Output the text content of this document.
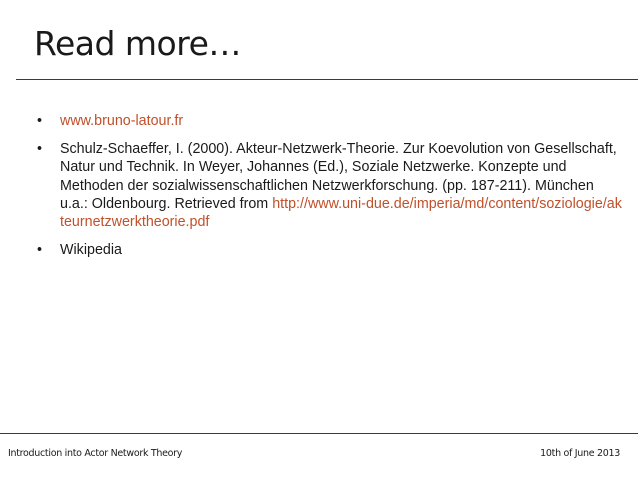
Read more…
• www.bruno-latour.fr
• Schulz-Schaeffer, I. (2000). Akteur-Netzwerk-Theorie. Zur Koevolution von Gesellschaft, Natur und Technik. In Weyer, Johannes (Ed.), Soziale Netzwerke. Konzepte und Methoden der sozialwissenschaftlichen Netzwerkforschung. (pp. 187-211). München u.a.: Oldenbourg. Retrieved from http://www.uni-due.de/imperia/md/content/soziologie/akteurnetzwerktheorie.pdf
• Wikipedia
Introduction into Actor Network Theory	10th of June 2013
